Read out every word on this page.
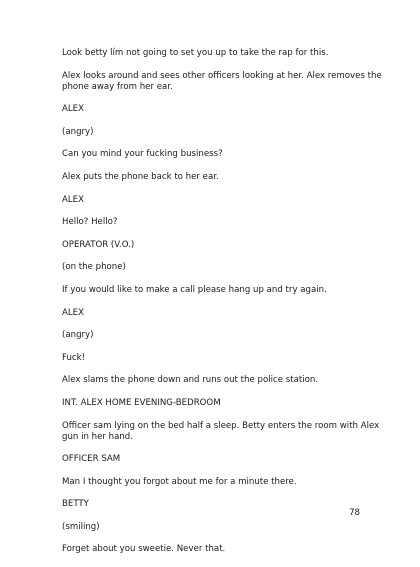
Look betty lím not going to set you up to take the rap for this.

Alex looks around and sees other officers looking at her. Alex removes the phone away from her ear.

ALEX

(angry)

Can you mind your fucking business?

Alex puts the phone back to her ear.

ALEX

Hello? Hello?

OPERATOR (V.O.)

(on the phone)

If you would like to make a call please hang up and try again.

ALEX

(angry)

Fuck!

Alex slams the phone down and runs out the police station.

INT. ALEX HOME EVENING-BEDROOM

Officer sam lying on the bed half a sleep. Betty enters the room with Alex gun in her hand.

OFFICER SAM

Man I thought you forgot about me for a minute there.

BETTY

(smiling)

Forget about you sweetie. Never that.

78
